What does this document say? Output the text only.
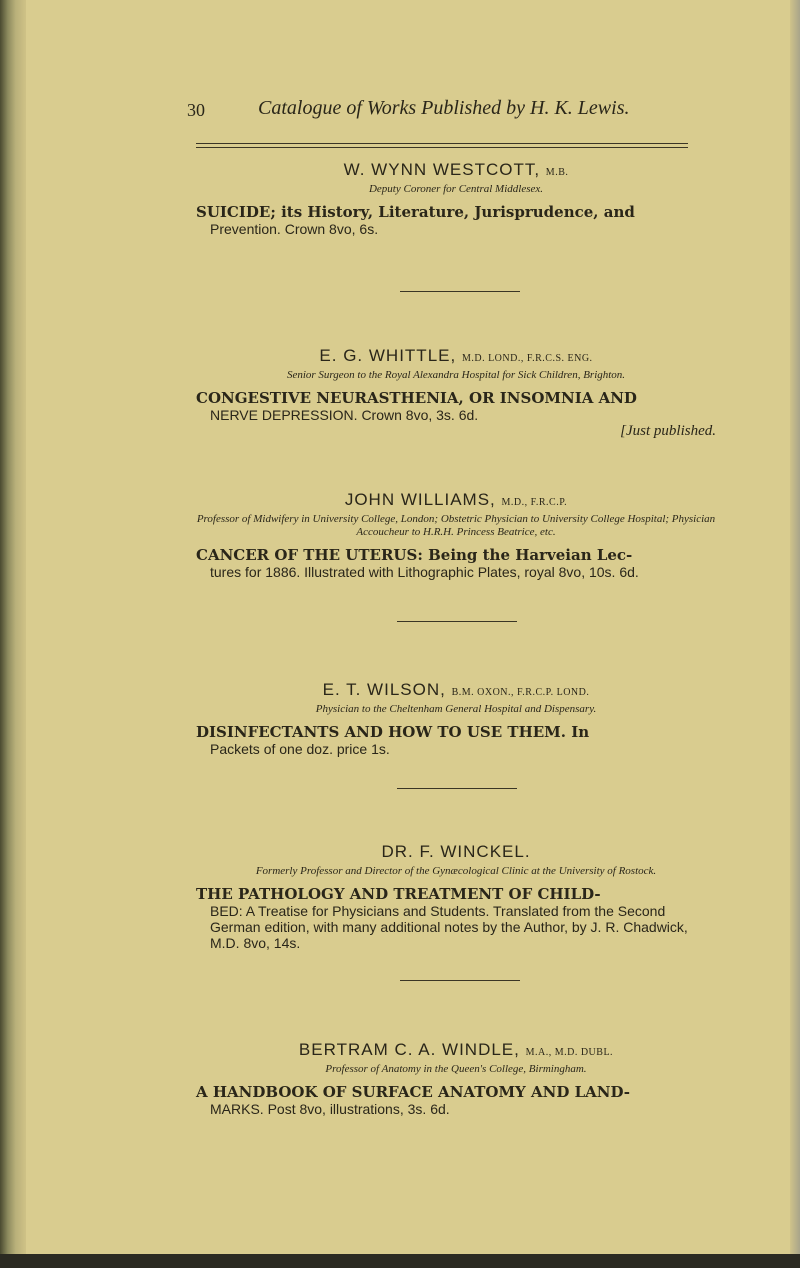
30	Catalogue of Works Published by H. K. Lewis.
W. WYNN WESTCOTT, M.B.
Deputy Coroner for Central Middlesex.
SUICIDE; its History, Literature, Jurisprudence, and
Prevention. Crown 8vo, 6s.
E. G. WHITTLE, M.D. LOND., F.R.C.S. ENG.
Senior Surgeon to the Royal Alexandra Hospital for Sick Children, Brighton.
CONGESTIVE NEURASTHENIA, OR INSOMNIA AND
NERVE DEPRESSION. Crown 8vo, 3s. 6d.
[Just published.
JOHN WILLIAMS, M.D., F.R.C.P.
Professor of Midwifery in University College, London; Obstetric Physician to University College Hospital; Physician Accoucheur to H.R.H. Princess Beatrice, etc.
CANCER OF THE UTERUS: Being the Harveian Lec-
tures for 1886. Illustrated with Lithographic Plates, royal 8vo, 10s. 6d.
E. T. WILSON, B.M. OXON., F.R.C.P. LOND.
Physician to the Cheltenham General Hospital and Dispensary.
DISINFECTANTS AND HOW TO USE THEM. In
Packets of one doz. price 1s.
DR. F. WINCKEL.
Formerly Professor and Director of the Gynæcological Clinic at the University of Rostock.
THE PATHOLOGY AND TREATMENT OF CHILD-
BED: A Treatise for Physicians and Students. Translated from the Second German edition, with many additional notes by the Author, by J. R. Chadwick, M.D. 8vo, 14s.
BERTRAM C. A. WINDLE, M.A., M.D. DUBL.
Professor of Anatomy in the Queen's College, Birmingham.
A HANDBOOK OF SURFACE ANATOMY AND LAND-
MARKS. Post 8vo, illustrations, 3s. 6d.
